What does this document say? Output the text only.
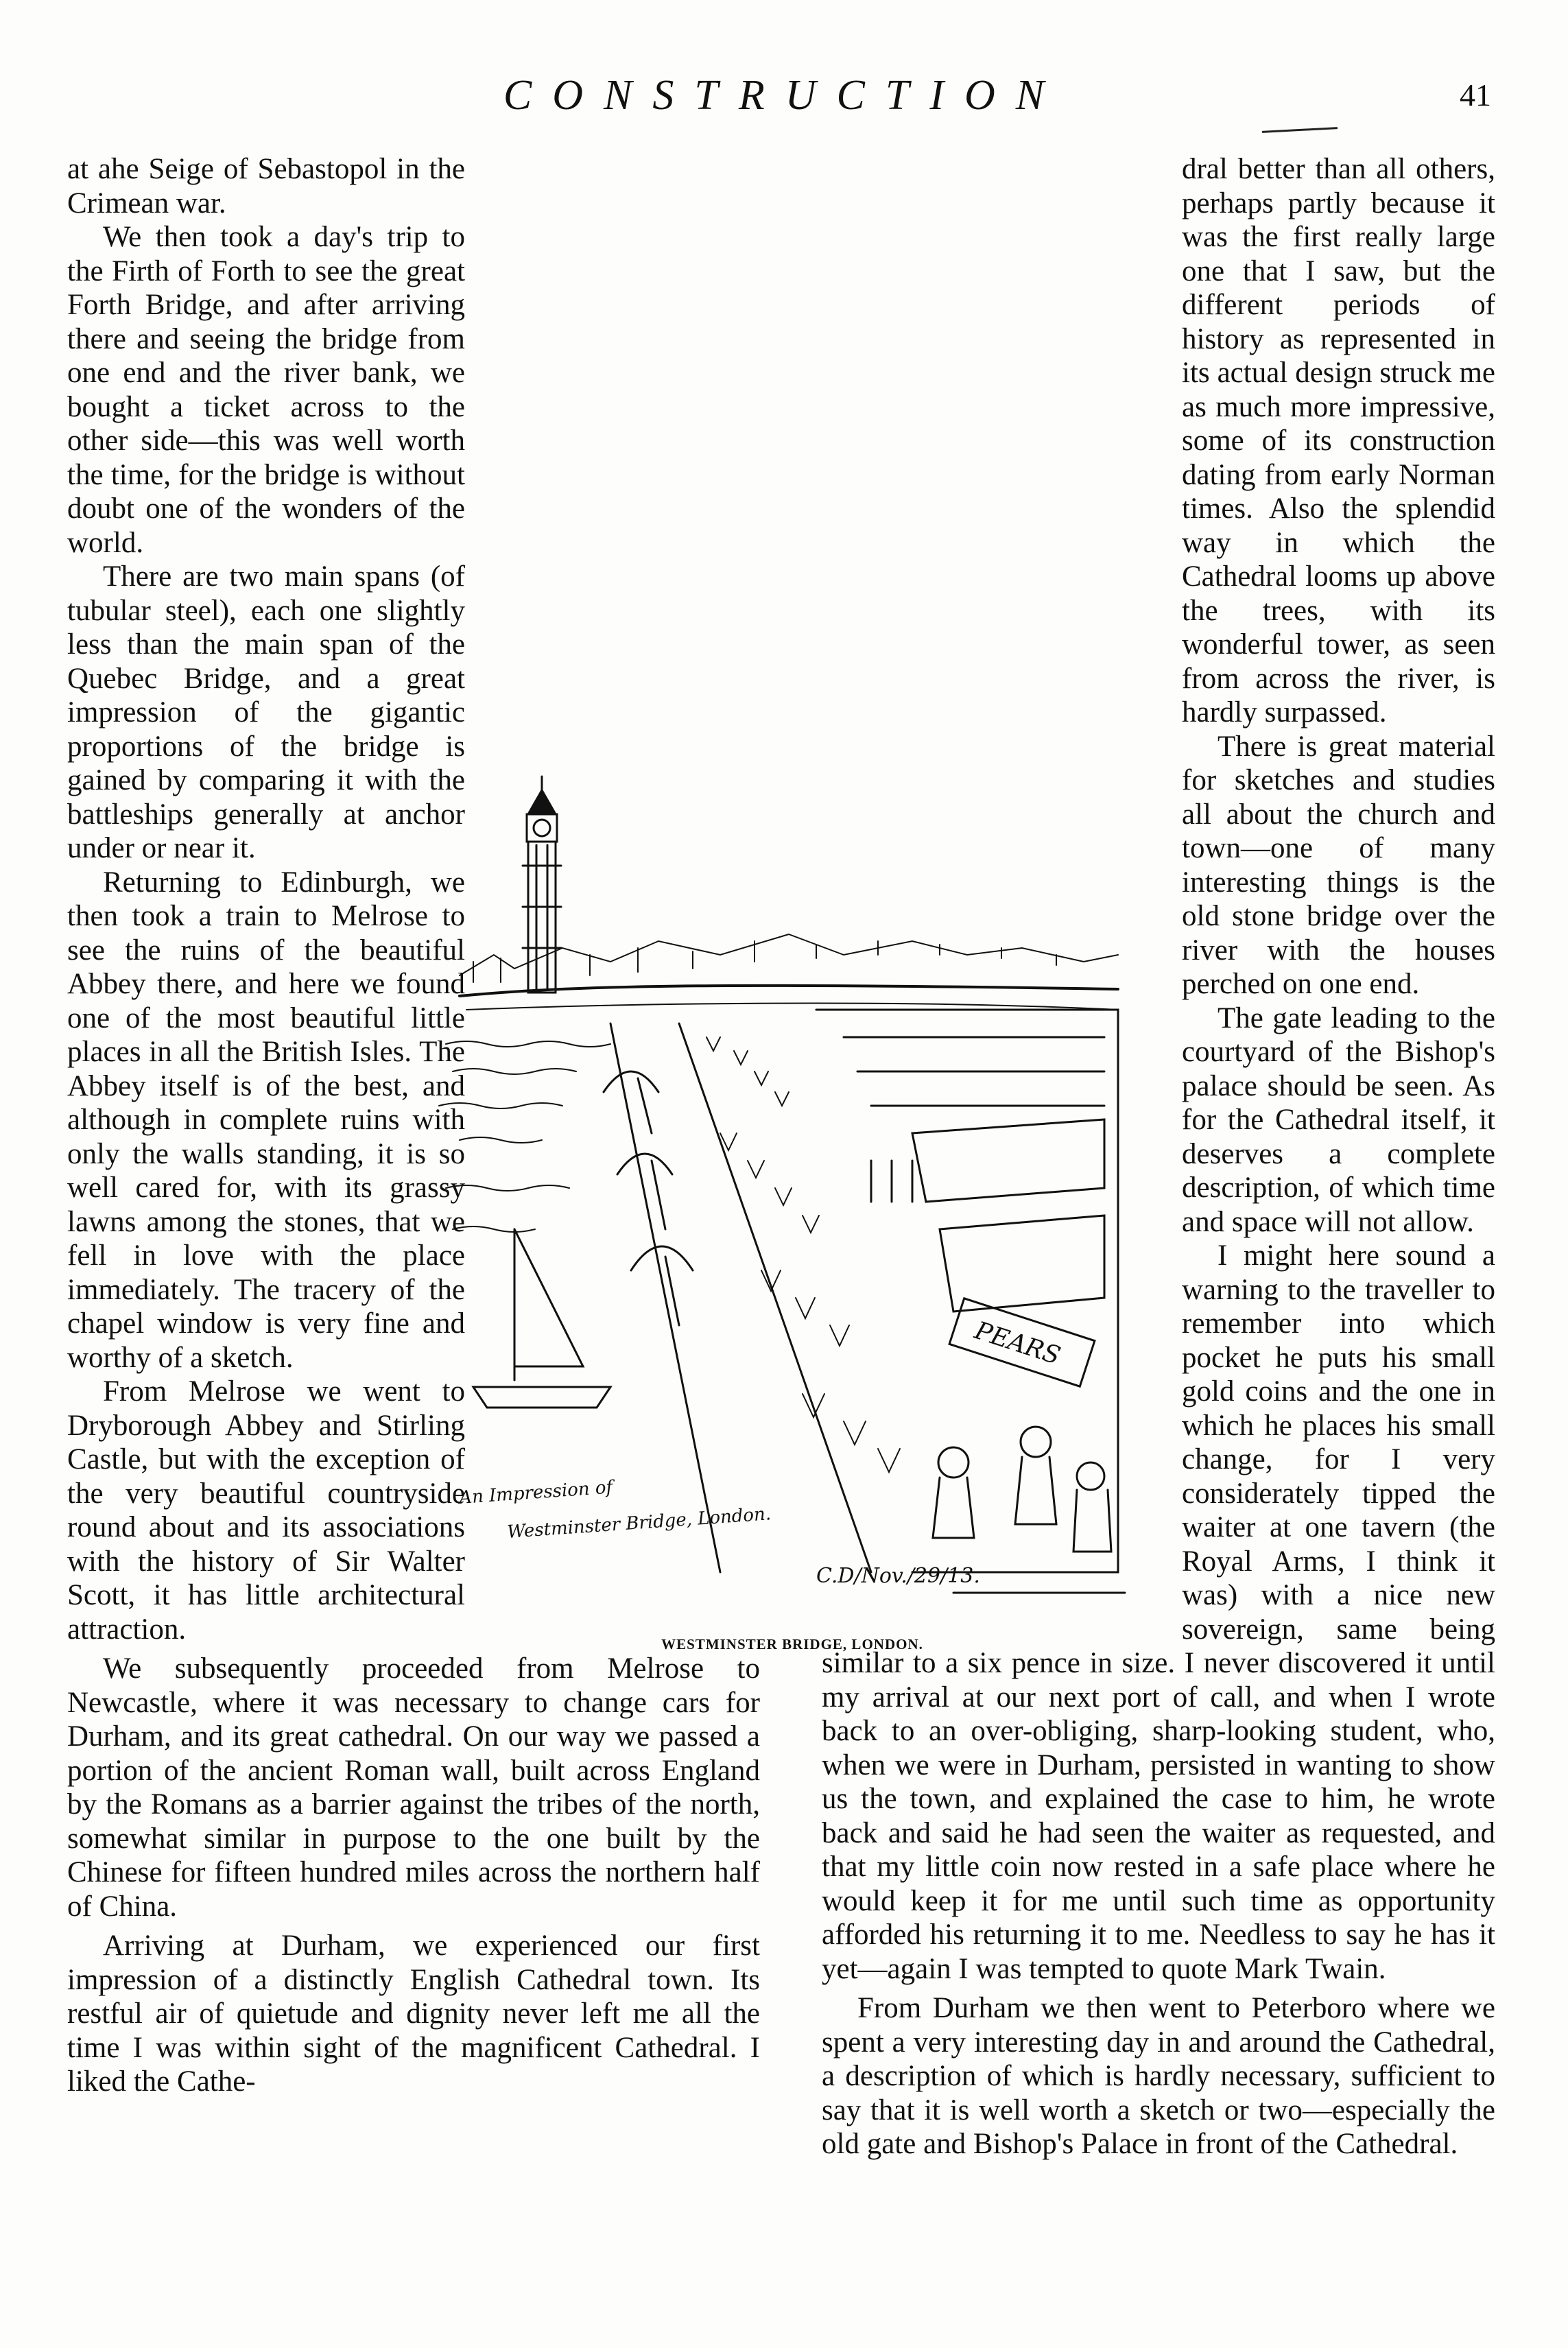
CONSTRUCTION	41

at ahe Seige of Sebastopol in the Crimean war.

We then took a day's trip to the Firth of Forth to see the great Forth Bridge, and after arriving there and seeing the bridge from one end and the river bank, we bought a ticket across to the other side—this was well worth the time, for the bridge is without doubt one of the wonders of the world.

There are two main spans (of tubular steel), each one slightly less than the main span of the Quebec Bridge, and a great impression of the gigantic proportions of the bridge is gained by comparing it with the battleships generally at anchor under or near it.

Returning to Edinburgh, we then took a train to Melrose to see the ruins of the beautiful Abbey there, and here we found one of the most beautiful little places in all the British Isles. The Abbey itself is of the best, and although in complete ruins with only the walls standing, it is so well cared for, with its grassy lawns among the stones, that we fell in love with the place immediately. The tracery of the chapel window is very fine and worthy of a sketch.

From Melrose we went to Dryborough Abbey and Stirling Castle, but with the exception of the very beautiful countryside round about and its associations with the history of Sir Walter Scott, it has little architectural attraction.

We subsequently proceeded from Melrose to Newcastle, where it was necessary to change cars for Durham, and its great cathedral. On our way we passed a portion of the ancient Roman wall, built across England by the Romans as a barrier against the tribes of the north, somewhat similar in purpose to the one built by the Chinese for fifteen hundred miles across the northern half of China.

Arriving at Durham, we experienced our first impression of a distinctly English Cathedral town. Its restful air of quietude and dignity never left me all the time I was within sight of the magnificent Cathedral. I liked the Cathe-

dral better than all others, perhaps partly because it was the first really large one that I saw, but the different periods of history as represented in its actual design struck me as much more impressive, some of its construction dating from early Norman times. Also the splendid way in which the Cathedral looms up above the trees, with its wonderful tower, as seen from across the river, is hardly surpassed.

There is great material for sketches and studies all about the church and town—one of many interesting things is the old stone bridge over the river with the houses perched on one end.

The gate leading to the courtyard of the Bishop's palace should be seen. As for the Cathedral itself, it deserves a complete description, of which time and space will not allow.

I might here sound a warning to the traveller to remember into which pocket he puts his small gold coins and the one in which he places his small change, for I very considerately tipped the waiter at one tavern (the Royal Arms, I think it was) with a nice new sovereign, same being similar to a six pence in size. I never discovered it until my arrival at our next port of call, and when I wrote back to an over-obliging, sharp-looking student, who, when we were in Durham, persisted in wanting to show us the town, and explained the case to him, he wrote back and said he had seen the waiter as requested, and that my little coin now rested in a safe place where he would keep it for me until such time as opportunity afforded his returning it to me. Needless to say he has it yet—again I was tempted to quote Mark Twain.

From Durham we then went to Peterboro where we spent a very interesting day in and around the Cathedral, a description of which is hardly necessary, sufficient to say that it is well worth a sketch or two—especially the old gate and Bishop's Palace in front of the Cathedral.

PEARS
An Impression of
Westminster Bridge, London.
C.D/Nov./29/13.
WESTMINSTER BRIDGE, LONDON.
